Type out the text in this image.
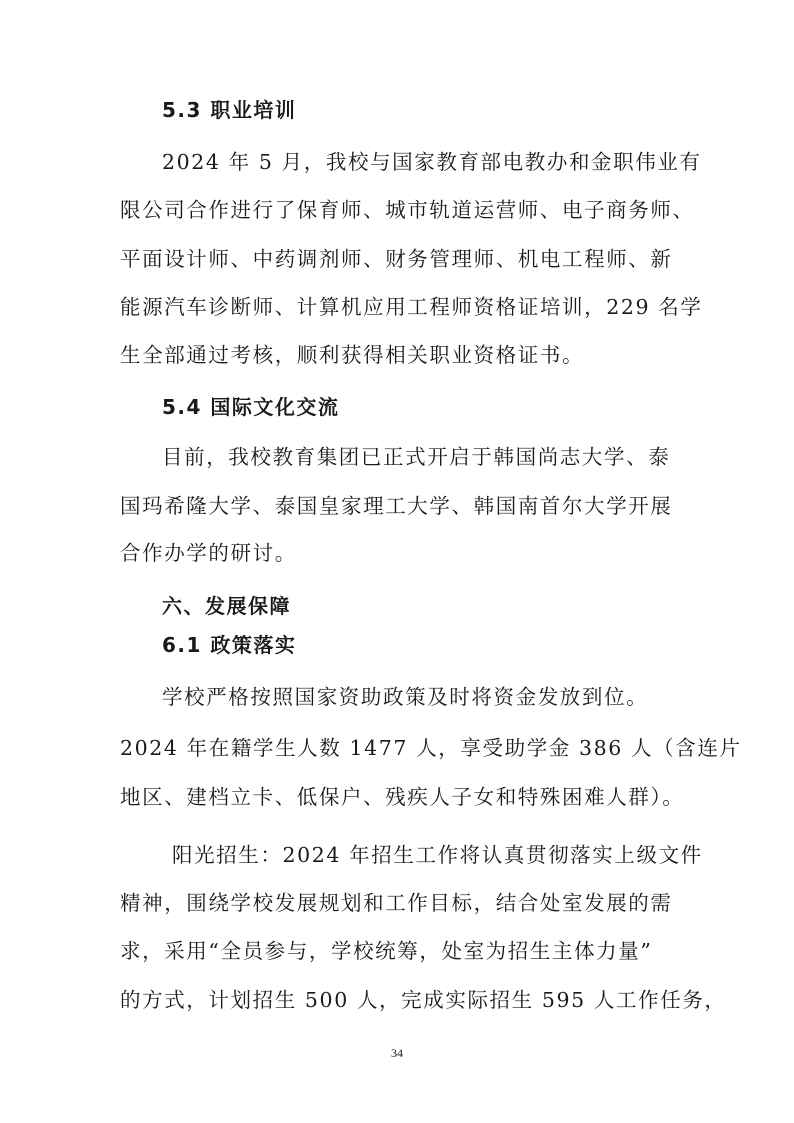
5.3 职业培训
2024 年 5 月，我校与国家教育部电教办和金职伟业有
限公司合作进行了保育师、城市轨道运营师、电子商务师、
平面设计师、中药调剂师、财务管理师、机电工程师、新
能源汽车诊断师、计算机应用工程师资格证培训，229 名学
生全部通过考核，顺利获得相关职业资格证书。
5.4 国际文化交流
目前，我校教育集团已正式开启于韩国尚志大学、泰
国玛希隆大学、泰国皇家理工大学、韩国南首尔大学开展
合作办学的研讨。
六、发展保障
6.1 政策落实
学校严格按照国家资助政策及时将资金发放到位。
2024 年在籍学生人数 1477 人，享受助学金 386 人（含连片
地区、建档立卡、低保户、残疾人子女和特殊困难人群）。
阳光招生：2024 年招生工作将认真贯彻落实上级文件
精神，围绕学校发展规划和工作目标，结合处室发展的需
求，采用“全员参与，学校统筹，处室为招生主体力量”
的方式，计划招生 500 人，完成实际招生 595 人工作任务，
34
